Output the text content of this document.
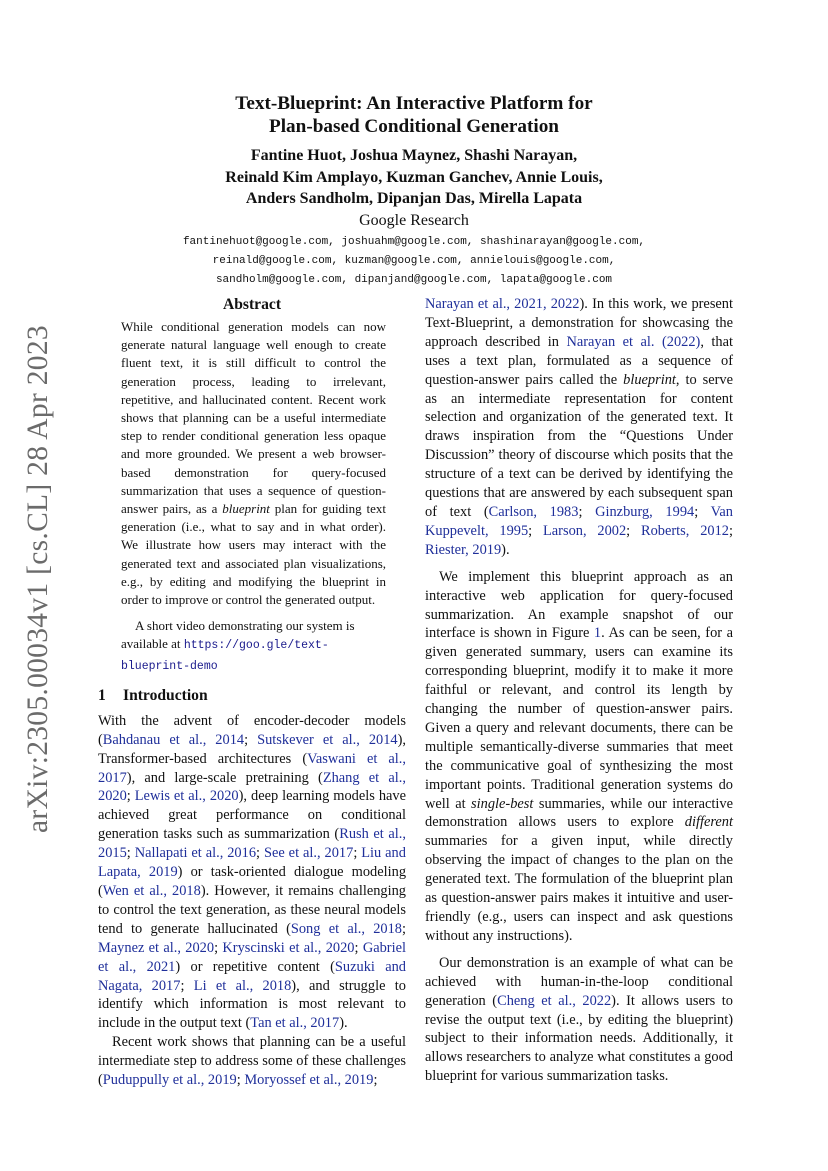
arXiv:2305.00034v1 [cs.CL] 28 Apr 2023
Text-Blueprint: An Interactive Platform for
Plan-based Conditional Generation
Fantine Huot, Joshua Maynez, Shashi Narayan,
Reinald Kim Amplayo, Kuzman Ganchev, Annie Louis,
Anders Sandholm, Dipanjan Das, Mirella Lapata
Google Research
fantinehuot@google.com, joshuahm@google.com, shashinarayan@google.com,
reinald@google.com, kuzman@google.com, annielouis@google.com,
sandholm@google.com, dipanjand@google.com, lapata@google.com
Abstract

While conditional generation models can now generate natural language well enough to create fluent text, it is still difficult to control the generation process, leading to irrelevant, repetitive, and hallucinated content. Recent work shows that planning can be a useful intermediate step to render conditional generation less opaque and more grounded. We present a web browser-based demonstration for query-focused summarization that uses a sequence of question-answer pairs, as a blueprint plan for guiding text generation (i.e., what to say and in what order). We illustrate how users may interact with the generated text and associated plan visualizations, e.g., by editing and modifying the blueprint in order to improve or control the generated output.

A short video demonstrating our system is available at https://goo.gle/text-blueprint-demo

1 Introduction

With the advent of encoder-decoder models (Bahdanau et al., 2014; Sutskever et al., 2014), Transformer-based architectures (Vaswani et al., 2017), and large-scale pretraining (Zhang et al., 2020; Lewis et al., 2020), deep learning models have achieved great performance on conditional generation tasks such as summarization (Rush et al., 2015; Nallapati et al., 2016; See et al., 2017; Liu and Lapata, 2019) or task-oriented dialogue modeling (Wen et al., 2018). However, it remains challenging to control the text generation, as these neural models tend to generate hallucinated (Song et al., 2018; Maynez et al., 2020; Kryscinski et al., 2020; Gabriel et al., 2021) or repetitive content (Suzuki and Nagata, 2017; Li et al., 2018), and struggle to identify which information is most relevant to include in the output text (Tan et al., 2017).

Recent work shows that planning can be a useful intermediate step to address some of these challenges (Puduppully et al., 2019; Moryossef et al., 2019;

Narayan et al., 2021, 2022). In this work, we present Text-Blueprint, a demonstration for showcasing the approach described in Narayan et al. (2022), that uses a text plan, formulated as a sequence of question-answer pairs called the blueprint, to serve as an intermediate representation for content selection and organization of the generated text. It draws inspiration from the “Questions Under Discussion” theory of discourse which posits that the structure of a text can be derived by identifying the questions that are answered by each subsequent span of text (Carlson, 1983; Ginzburg, 1994; Van Kuppevelt, 1995; Larson, 2002; Roberts, 2012; Riester, 2019).

We implement this blueprint approach as an interactive web application for query-focused summarization. An example snapshot of our interface is shown in Figure 1. As can be seen, for a given generated summary, users can examine its corresponding blueprint, modify it to make it more faithful or relevant, and control its length by changing the number of question-answer pairs. Given a query and relevant documents, there can be multiple semantically-diverse summaries that meet the communicative goal of synthesizing the most important points. Traditional generation systems do well at single-best summaries, while our interactive demonstration allows users to explore different summaries for a given input, while directly observing the impact of changes to the plan on the generated text. The formulation of the blueprint plan as question-answer pairs makes it intuitive and user-friendly (e.g., users can inspect and ask questions without any instructions).

Our demonstration is an example of what can be achieved with human-in-the-loop conditional generation (Cheng et al., 2022). It allows users to revise the output text (i.e., by editing the blueprint) subject to their information needs. Additionally, it allows researchers to analyze what constitutes a good blueprint for various summarization tasks.
